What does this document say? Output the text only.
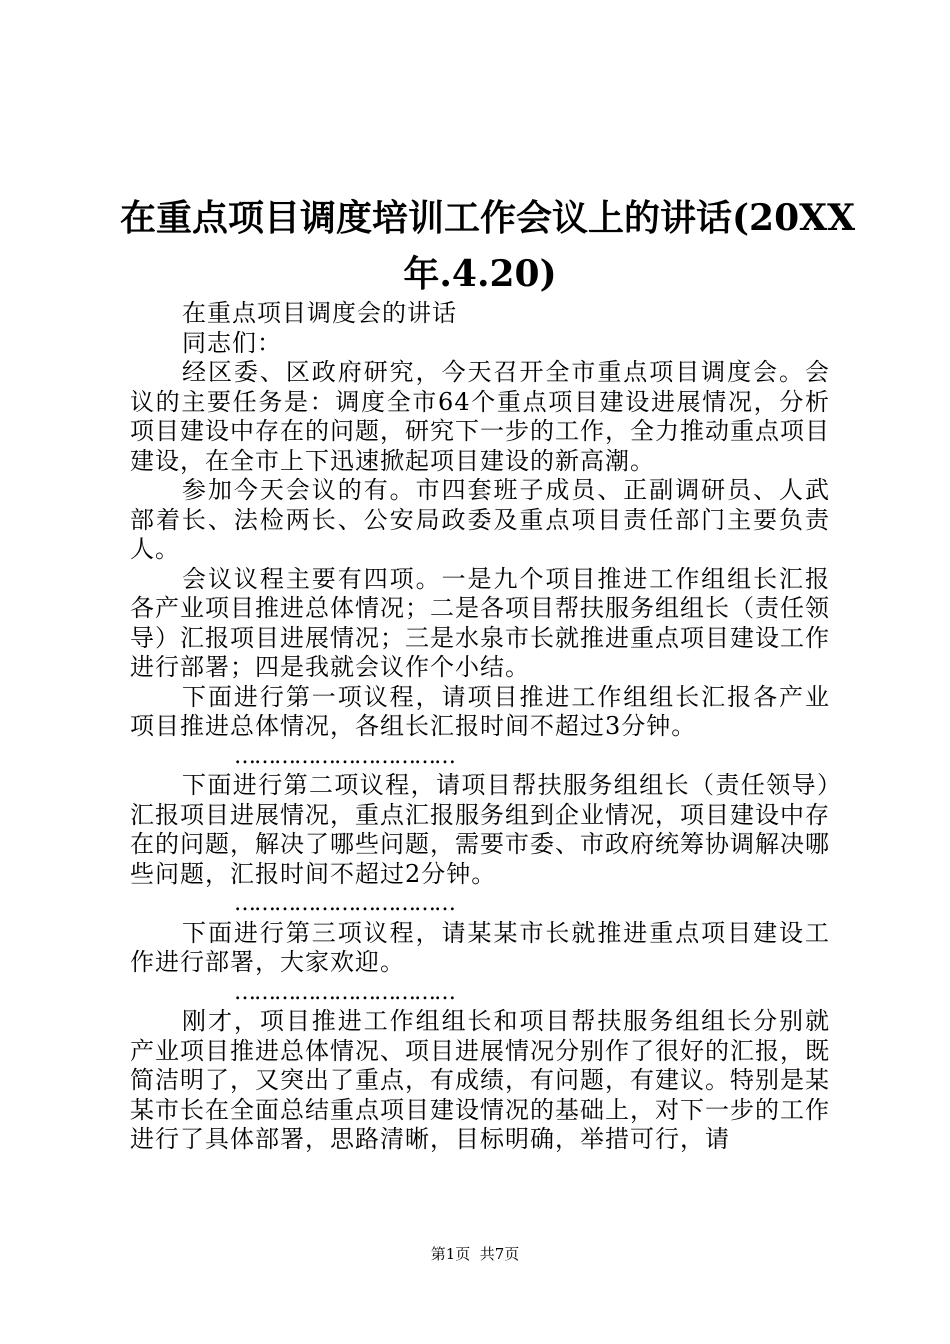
在重点项目调度培训工作会议上的讲话(20XX
年.4.20)

在重点项目调度会的讲话

同志们：

经区委、区政府研究，今天召开全市重点项目调度会。会议的主要任务是：调度全市64个重点项目建设进展情况，分析项目建设中存在的问题，研究下一步的工作，全力推动重点项目建设，在全市上下迅速掀起项目建设的新高潮。

参加今天会议的有。市四套班子成员、正副调研员、人武部着长、法检两长、公安局政委及重点项目责任部门主要负责人。

会议议程主要有四项。一是九个项目推进工作组组长汇报各产业项目推进总体情况；二是各项目帮扶服务组组长（责任领导）汇报项目进展情况；三是水泉市长就推进重点项目建设工作进行部署；四是我就会议作个小结。

下面进行第一项议程，请项目推进工作组组长汇报各产业项目推进总体情况，各组长汇报时间不超过3分钟。

……………………………

下面进行第二项议程，请项目帮扶服务组组长（责任领导）汇报项目进展情况，重点汇报服务组到企业情况，项目建设中存在的问题，解决了哪些问题，需要市委、市政府统筹协调解决哪些问题，汇报时间不超过2分钟。

……………………………

下面进行第三项议程，请某某市长就推进重点项目建设工作进行部署，大家欢迎。

……………………………

刚才，项目推进工作组组长和项目帮扶服务组组长分别就产业项目推进总体情况、项目进展情况分别作了很好的汇报，既简洁明了，又突出了重点，有成绩，有问题，有建议。特别是某某市长在全面总结重点项目建设情况的基础上，对下一步的工作进行了具体部署，思路清晰，目标明确，举措可行，请

第1页  共7页
